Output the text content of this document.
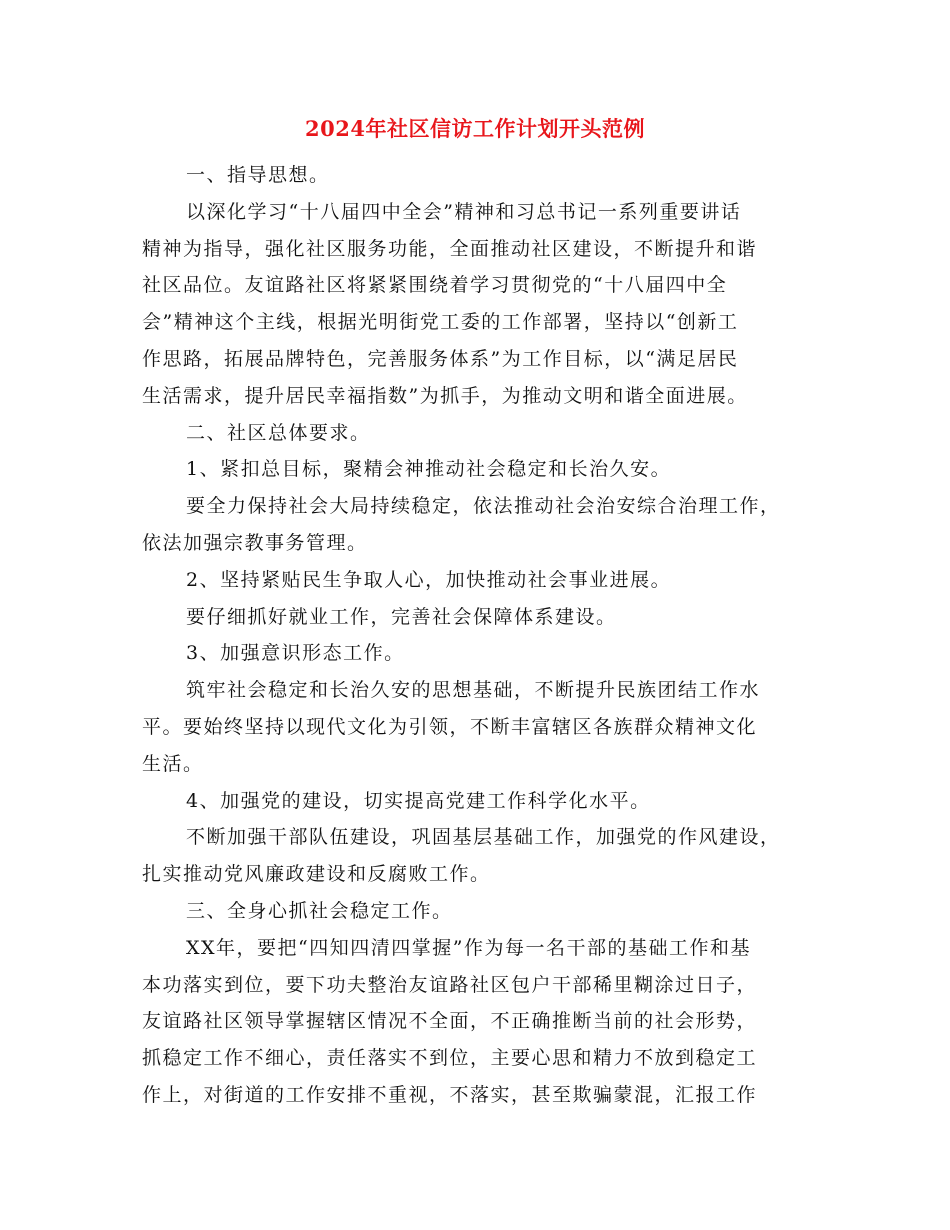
2024年社区信访工作计划开头范例
一、指导思想。
以深化学习“十八届四中全会”精神和习总书记一系列重要讲话
精神为指导，强化社区服务功能，全面推动社区建设，不断提升和谐
社区品位。友谊路社区将紧紧围绕着学习贯彻党的“十八届四中全
会”精神这个主线，根据光明街党工委的工作部署，坚持以“创新工
作思路，拓展品牌特色，完善服务体系”为工作目标，以“满足居民
生活需求，提升居民幸福指数”为抓手，为推动文明和谐全面进展。
二、社区总体要求。
1、紧扣总目标，聚精会神推动社会稳定和长治久安。
要全力保持社会大局持续稳定，依法推动社会治安综合治理工作，
依法加强宗教事务管理。
2、坚持紧贴民生争取人心，加快推动社会事业进展。
要仔细抓好就业工作，完善社会保障体系建设。
3、加强意识形态工作。
筑牢社会稳定和长治久安的思想基础，不断提升民族团结工作水
平。要始终坚持以现代文化为引领，不断丰富辖区各族群众精神文化
生活。
4、加强党的建设，切实提高党建工作科学化水平。
不断加强干部队伍建设，巩固基层基础工作，加强党的作风建设，
扎实推动党风廉政建设和反腐败工作。
三、全身心抓社会稳定工作。
XX年，要把“四知四清四掌握”作为每一名干部的基础工作和基
本功落实到位，要下功夫整治友谊路社区包户干部稀里糊涂过日子，
友谊路社区领导掌握辖区情况不全面，不正确推断当前的社会形势，
抓稳定工作不细心，责任落实不到位，主要心思和精力不放到稳定工
作上，对街道的工作安排不重视，不落实，甚至欺骗蒙混，汇报工作
